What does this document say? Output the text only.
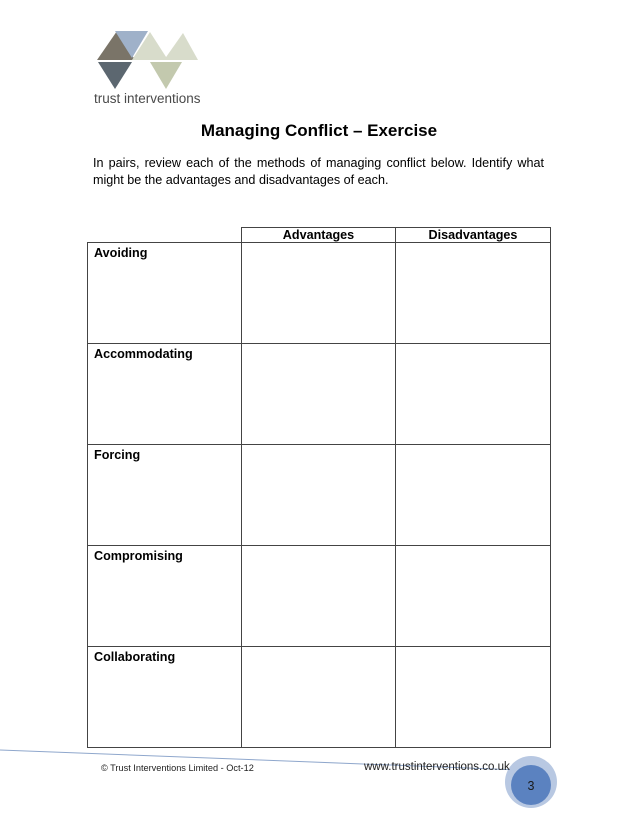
trust interventions
Managing Conflict – Exercise
In pairs, review each of the methods of managing conflict below. Identify what might be the advantages and disadvantages of each.
	Advantages	Disadvantages
Avoiding		
Accommodating		
Forcing		
Compromising		
Collaborating		
© Trust Interventions Limited - Oct-12	www.trustinterventions.co.uk
3
